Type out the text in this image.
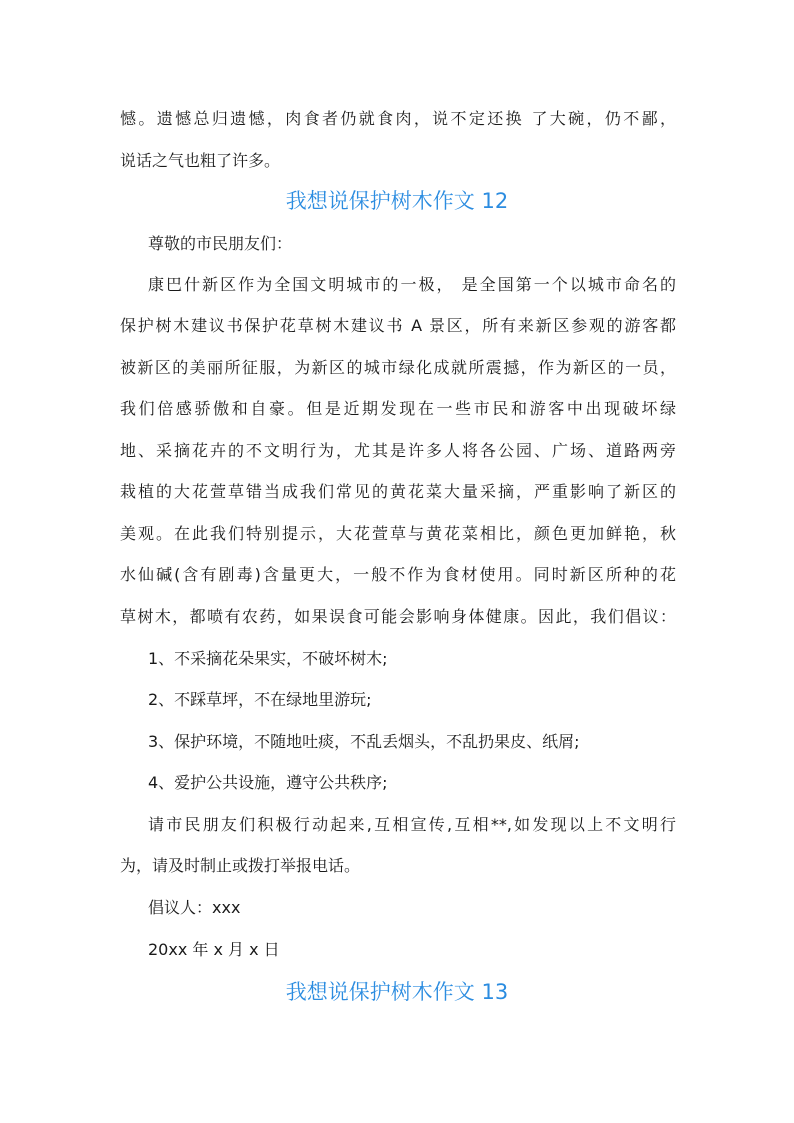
憾。遗憾总归遗憾，肉食者仍就食肉，说不定还换 了大碗，仍不鄙，

说话之气也粗了许多。

我想说保护树木作文 12

尊敬的市民朋友们：

康巴什新区作为全国文明城市的一极， 是全国第一个以城市命名的

保护树木建议书保护花草树木建议书 A 景区，所有来新区参观的游客都

被新区的美丽所征服，为新区的城市绿化成就所震撼，作为新区的一员，

我们倍感骄傲和自豪。但是近期发现在一些市民和游客中出现破坏绿

地、采摘花卉的不文明行为，尤其是许多人将各公园、广场、道路两旁

栽植的大花萱草错当成我们常见的黄花菜大量采摘，严重影响了新区的

美观。在此我们特别提示，大花萱草与黄花菜相比，颜色更加鲜艳，秋

水仙碱(含有剧毒)含量更大，一般不作为食材使用。同时新区所种的花

草树木，都喷有农药，如果误食可能会影响身体健康。因此，我们倡议：

1、不采摘花朵果实，不破坏树木;

2、不踩草坪，不在绿地里游玩;

3、保护环境，不随地吐痰，不乱丢烟头，不乱扔果皮、纸屑;

4、爱护公共设施，遵守公共秩序;

请市民朋友们积极行动起来,互相宣传,互相**,如发现以上不文明行

为，请及时制止或拨打举报电话。

倡议人：xxx

20xx 年 x 月 x 日

我想说保护树木作文 13
